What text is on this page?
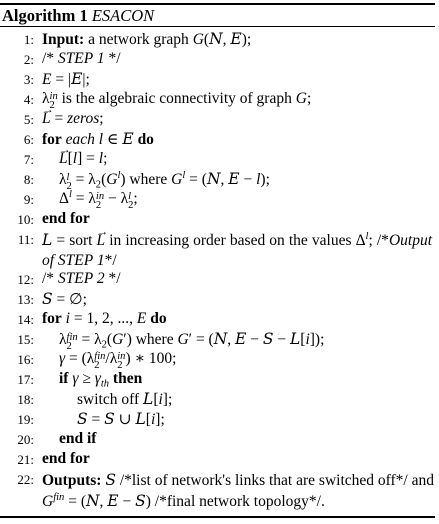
Algorithm 1 ESACON
1: Input: a network graph G(N, E);
2: /* STEP 1 */
3: E = |E|;
4: λ in
2 is the algebraic connectivity of graph G;
5: → L = zeros;
6: for each l ∈ E do
7: → L[l] = l;
8: λ l
$2 = \lambda_2(G^l)$ where $G^l = (N$, E − l);
9: $\Delta^l = \lambda$ in
2 − λ l
2 ;
10: end for
11: L = sort → L in increasing order based on the values $\Delta^l$; /*Output of STEP 1*/
12: /* STEP 2 */
13: S = ∅;
14: for i = 1, 2, ..., E do
15: λ fin
$2 = \lambda_2(G')$ where G′ = (N, E − S − L[i]);
16: γ = (λ fin
2 /λ in
2 ) ∗ 100;
17: if $\gamma \ge \gamma_{th}$ then
18:	switch off L[i];
19:	S = S ∪ L[i];
20: end if
21: end for
22: Outputs: S /*list of network's links that are switched off*/ and $G^{fin} = (N$, E − S) /*final network topology*/.
